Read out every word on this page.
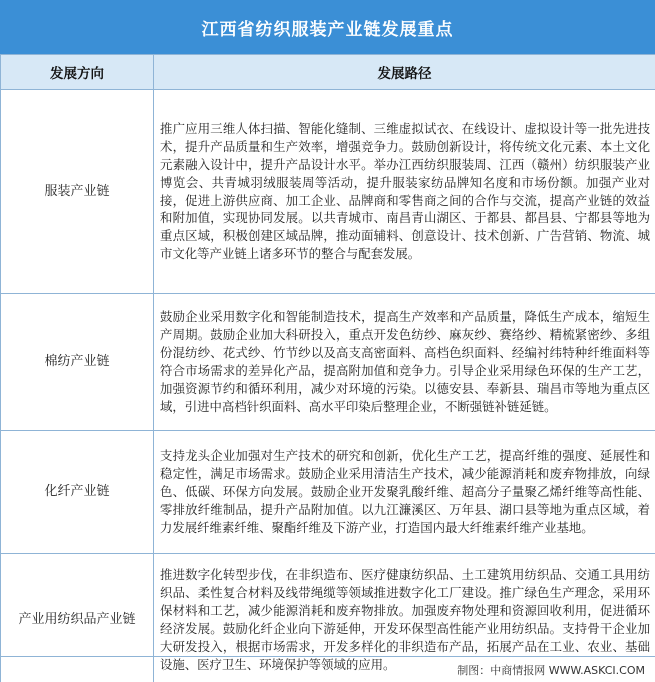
江西省纺织服装产业链发展重点
发展方向	发展路径
服装产业链	推广应用三维人体扫描、智能化缝制、三维虚拟试衣、在线设计、虚拟设计等一批先进技术，提升产品质量和生产效率，增强竞争力。鼓励创新设计，将传统文化元素、本土文化元素融入设计中，提升产品设计水平。举办江西纺织服装周、江西（赣州）纺织服装产业博览会、共青城羽绒服装周等活动，提升服装家纺品牌知名度和市场份额。加强产业对接，促进上游供应商、加工企业、品牌商和零售商之间的合作与交流，提高产业链的效益和附加值，实现协同发展。以共青城市、南昌青山湖区、于都县、都昌县、宁都县等地为重点区域，积极创建区域品牌，推动面辅料、创意设计、技术创新、广告营销、物流、城市文化等产业链上诸多环节的整合与配套发展。
棉纺产业链	鼓励企业采用数字化和智能制造技术，提高生产效率和产品质量，降低生产成本，缩短生产周期。鼓励企业加大科研投入，重点开发色纺纱、麻灰纱、赛络纱、精梳紧密纱、多组份混纺纱、花式纱、竹节纱以及高支高密面料、高档色织面料、经编衬纬特种纤维面料等符合市场需求的差异化产品，提高附加值和竞争力。引导企业采用绿色环保的生产工艺，加强资源节约和循环利用，减少对环境的污染。以德安县、奉新县、瑞昌市等地为重点区域，引进中高档针织面料、高水平印染后整理企业，不断强链补链延链。
化纤产业链	支持龙头企业加强对生产技术的研究和创新，优化生产工艺，提高纤维的强度、延展性和稳定性，满足市场需求。鼓励企业采用清洁生产技术，减少能源消耗和废弃物排放，向绿色、低碳、环保方向发展。鼓励企业开发聚乳酸纤维、超高分子量聚乙烯纤维等高性能、零排放纤维制品，提升产品附加值。以九江濂溪区、万年县、湖口县等地为重点区域，着力发展纤维素纤维、聚酯纤维及下游产业，打造国内最大纤维素纤维产业基地。
产业用纺织品产业链	推进数字化转型步伐，在非织造布、医疗健康纺织品、土工建筑用纺织品、交通工具用纺织品、柔性复合材料及线带绳缆等领域推进数字化工厂建设。推广绿色生产理念，采用环保材料和工艺，减少能源消耗和废弃物排放。加强废弃物处理和资源回收利用，促进循环经济发展。鼓励化纤企业向下游延伸，开发环保型高性能产业用纺织品。支持骨干企业加大研发投入，根据市场需求，开发多样化的非织造布产品，拓展产品在工业、农业、基础设施、医疗卫生、环境保护等领域的应用。	制图：中商情报网 WWW.ASKCI.COM
